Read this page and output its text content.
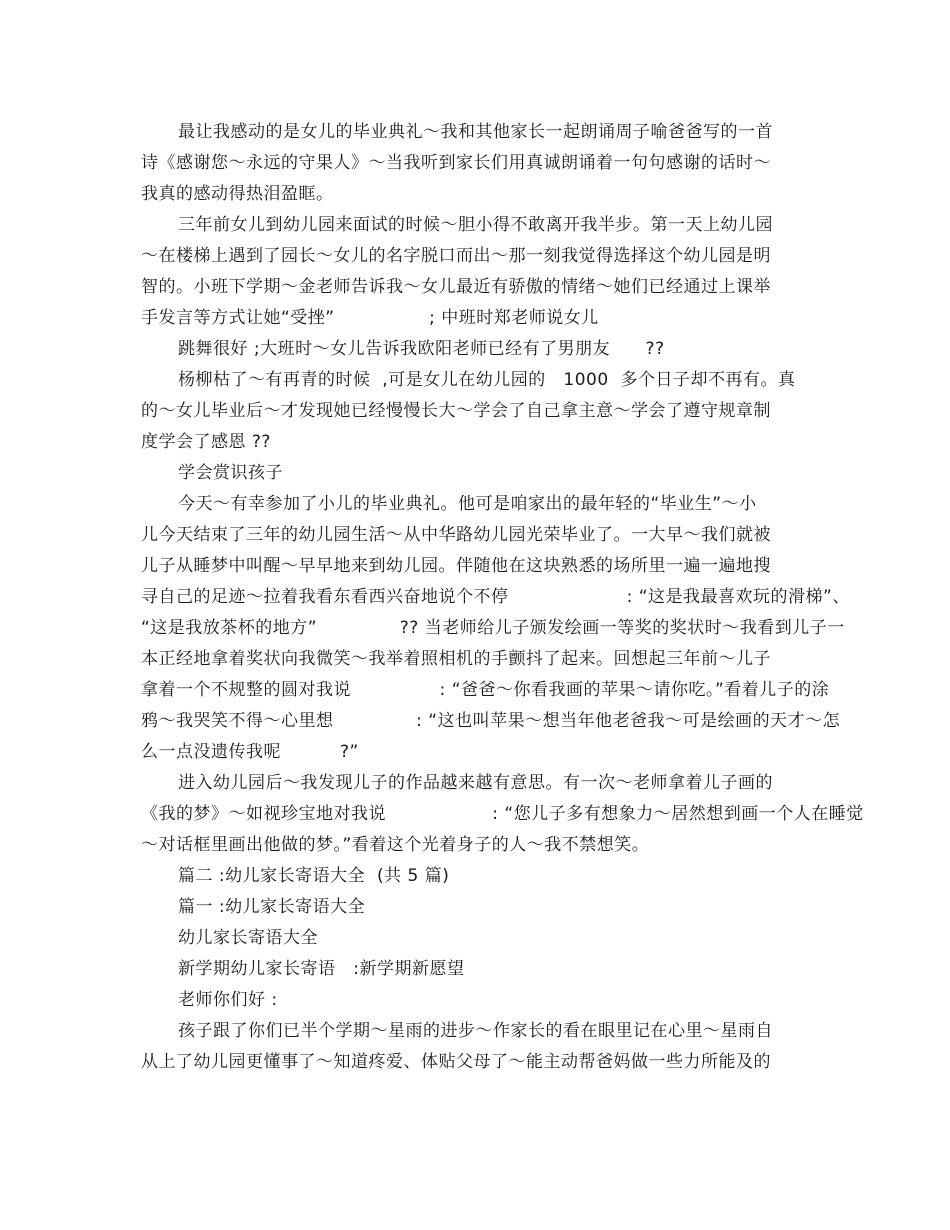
最让我感动的是女儿的毕业典礼～我和其他家长一起朗诵周子喻爸爸写的一首
诗《感谢您～永远的守果人》～当我听到家长们用真诚朗诵着一句句感谢的话时～
我真的感动得热泪盈眶。
三年前女儿到幼儿园来面试的时候～胆小得不敢离开我半步。第一天上幼儿园
～在楼梯上遇到了园长～女儿的名字脱口而出～那一刻我觉得选择这个幼儿园是明
智的。小班下学期～金老师告诉我～女儿最近有骄傲的情绪～她们已经通过上课举
手发言等方式让她“受挫”                ; 中班时郑老师说女儿
跳舞很好 ;大班时～女儿告诉我欧阳老师已经有了男朋友      ??
杨柳枯了～有再青的时候  ,可是女儿在幼儿园的   1000  多个日子却不再有。真
的～女儿毕业后～才发现她已经慢慢长大～学会了自己拿主意～学会了遵守规章制
度学会了感恩 ??
学会赏识孩子
今天～有幸参加了小儿的毕业典礼。他可是咱家出的最年轻的“毕业生”～小
儿今天结束了三年的幼儿园生活～从中华路幼儿园光荣毕业了。一大早～我们就被
儿子从睡梦中叫醒～早早地来到幼儿园。伴随他在这块熟悉的场所里一遍一遍地搜
寻自己的足迹～拉着我看东看西兴奋地说个不停                    : “这是我最喜欢玩的滑梯”、
“这是我放茶杯的地方”              ?? 当老师给儿子颁发绘画一等奖的奖状时～我看到儿子一
本正经地拿着奖状向我微笑～我举着照相机的手颤抖了起来。回想起三年前～儿子
拿着一个不规整的圆对我说               : “爸爸～你看我画的苹果～请你吃。”看着儿子的涂
鸦～我哭笑不得～心里想              : “这也叫苹果～想当年他老爸我～可是绘画的天才～怎
么一点没遗传我呢          ?”
进入幼儿园后～我发现儿子的作品越来越有意思。有一次～老师拿着儿子画的
《我的梦》～如视珍宝地对我说                  : “您儿子多有想象力～居然想到画一个人在睡觉
～对话框里画出他做的梦。”看着这个光着身子的人～我不禁想笑。
篇二 :幼儿家长寄语大全  (共 5 篇)
篇一 :幼儿家长寄语大全
幼儿家长寄语大全
新学期幼儿家长寄语   :新学期新愿望
老师你们好 :
孩子跟了你们已半个学期～星雨的进步～作家长的看在眼里记在心里～星雨自
从上了幼儿园更懂事了～知道疼爱、体贴父母了～能主动帮爸妈做一些力所能及的
